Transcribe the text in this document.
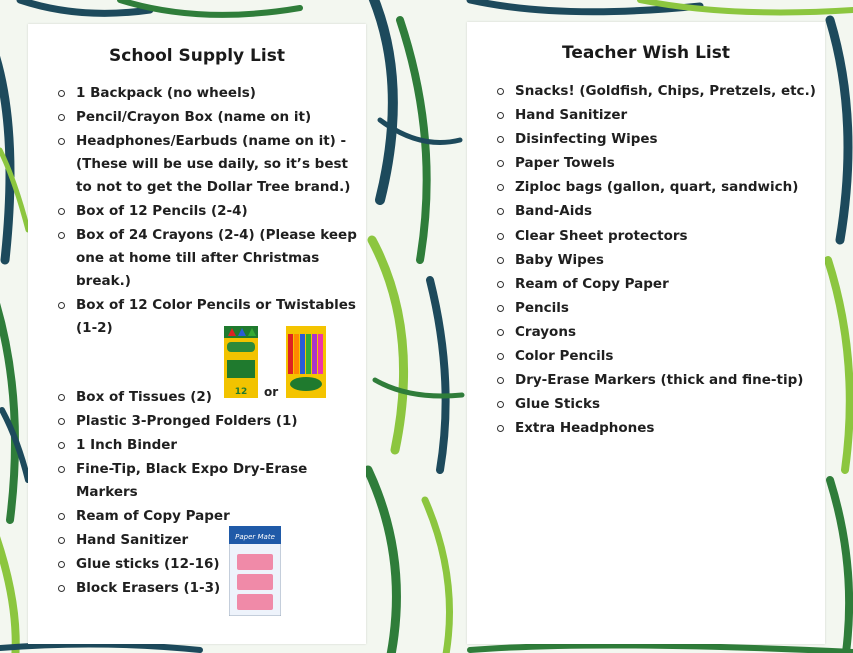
School Supply List
1 Backpack (no wheels)
Pencil/Crayon Box (name on it)
Headphones/Earbuds (name on it) - (These will be use daily, so it’s best to not to get the Dollar Tree brand.)
Box of 12 Pencils (2-4)
Box of 24 Crayons (2-4) (Please keep one at home till after Christmas break.)
Box of 12 Color Pencils or Twistables (1-2)
Box of Tissues (2)
Plastic 3-Pronged Folders (1)
1 Inch Binder
Fine-Tip, Black Expo Dry-Erase Markers
Ream of Copy Paper
Hand Sanitizer
Glue sticks (12-16)
Block Erasers (1-3)
12 or
Paper Mate
Teacher Wish List
Snacks! (Goldfish, Chips, Pretzels, etc.)
Hand Sanitizer
Disinfecting Wipes
Paper Towels
Ziploc bags (gallon, quart, sandwich)
Band-Aids
Clear Sheet protectors
Baby Wipes
Ream of Copy Paper
Pencils
Crayons
Color Pencils
Dry-Erase Markers (thick and fine-tip)
Glue Sticks
Extra Headphones
